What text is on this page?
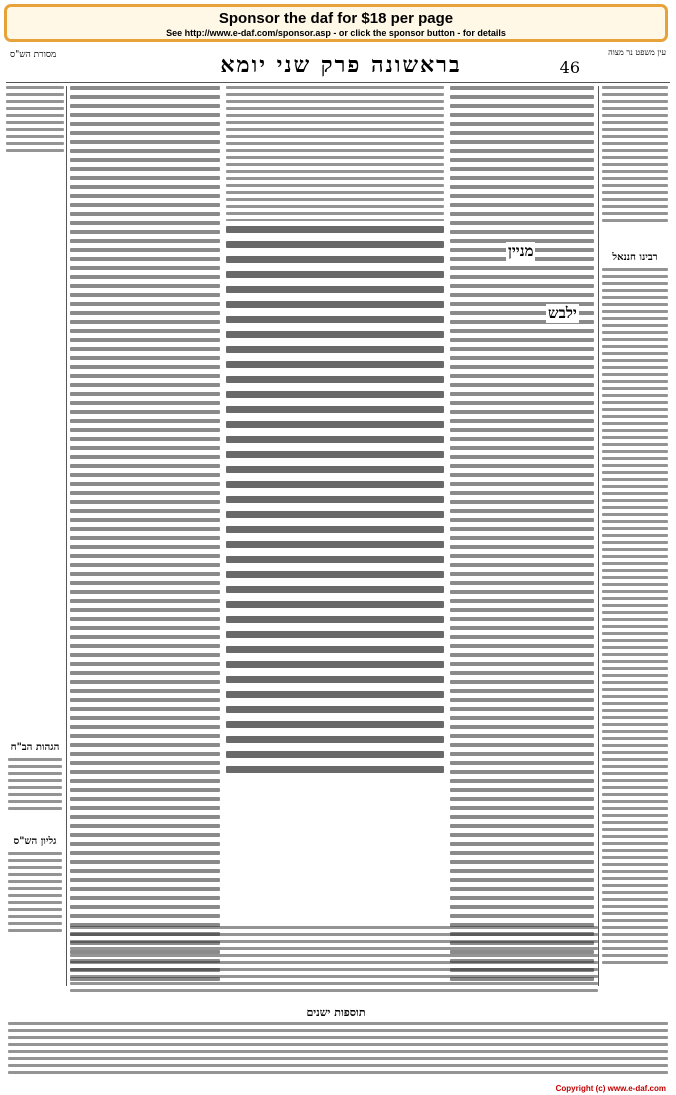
Sponsor the daf for $18 per page
See http://www.e-daf.com/sponsor.asp - or click the sponsor button - for details
מסורת הש"ס	בראשונה פרק שני יומא	46
עין משפט נר מצוה
גליון הש"ס
הגהות הב"ח
מניין
ילבש
רבינו חננאל
תוספות ישנים
Copyright (c) www.e-daf.com
